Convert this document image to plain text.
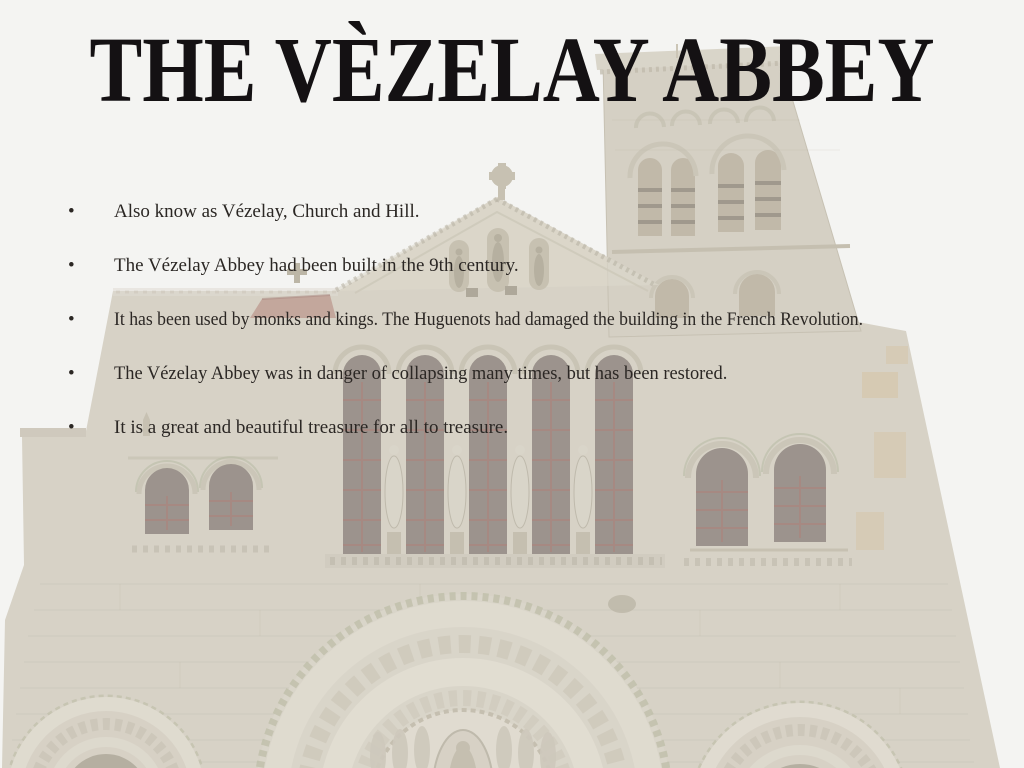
THE VÈZELAY ABBEY
•	Also know as Vézelay, Church and Hill.
•	The Vézelay Abbey had been built in the 9th century.
•	It has been used by monks and kings. The Huguenots had damaged the building in the French Revolution.
•	The Vézelay Abbey was in danger of collapsing many times, but has been restored.
•	It is a great and beautiful treasure for all to treasure.
